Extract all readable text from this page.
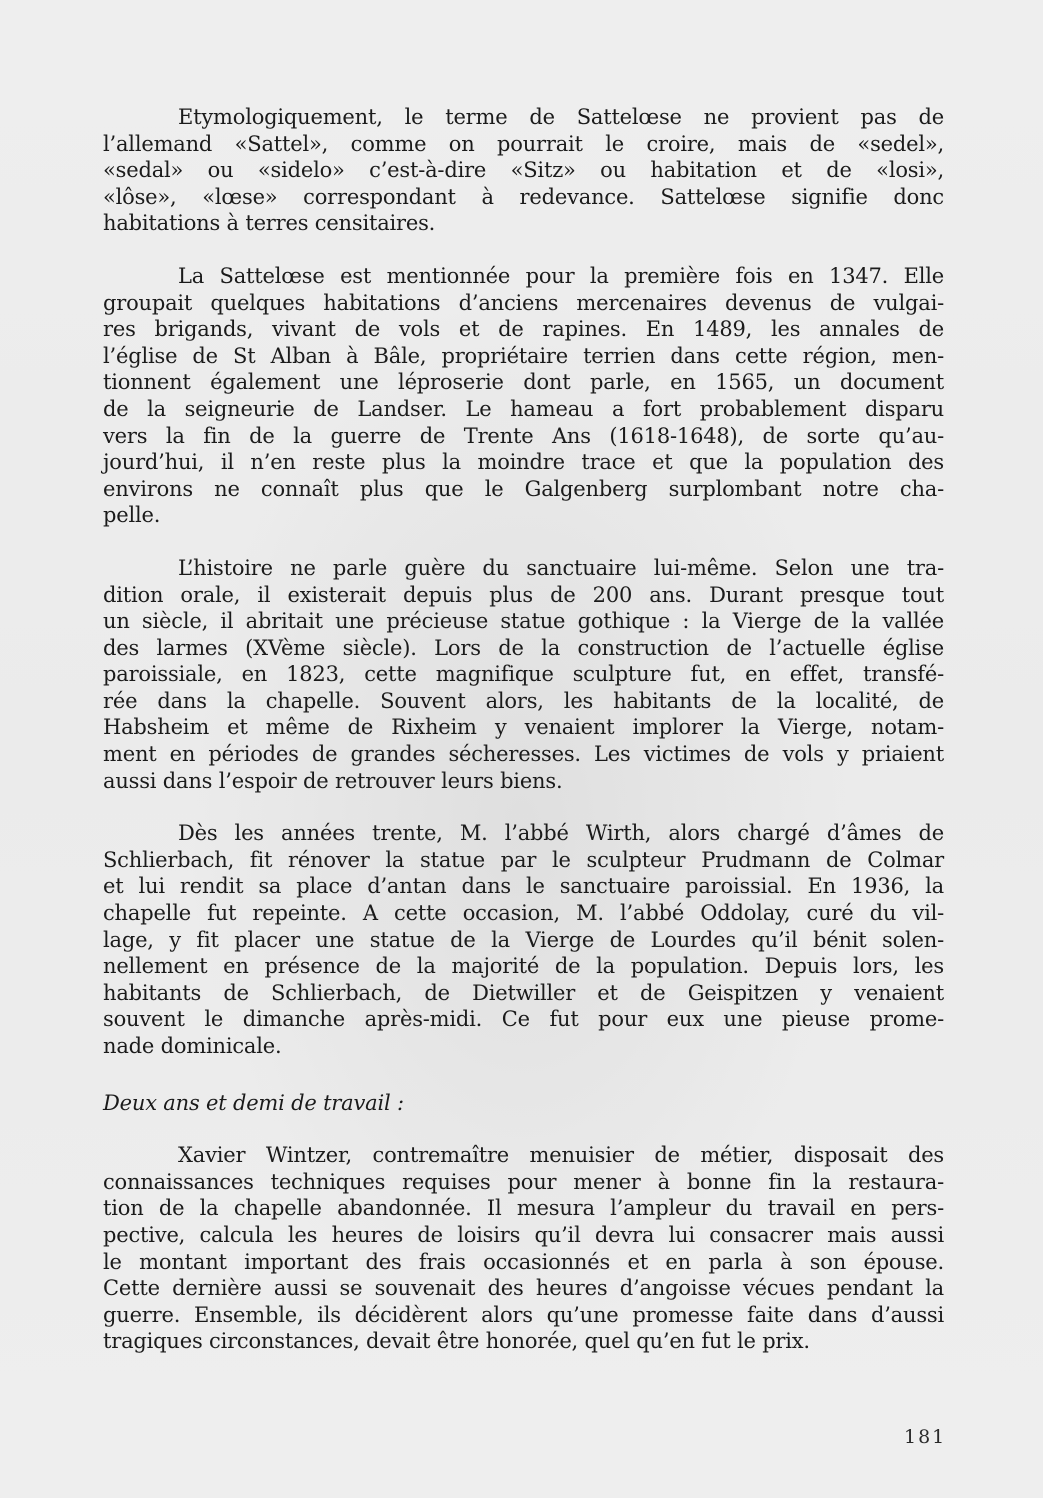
Etymologiquement, le terme de Sattelœse ne provient pas de
l’allemand «Sattel», comme on pourrait le croire, mais de «sedel»,
«sedal» ou «sidelo» c’est-à-dire «Sitz» ou habitation et de «losi»,
«lôse», «lœse» correspondant à redevance. Sattelœse signifie donc
habitations à terres censitaires.

La Sattelœse est mentionnée pour la première fois en 1347. Elle
groupait quelques habitations d’anciens mercenaires devenus de vulgai-
res brigands, vivant de vols et de rapines. En 1489, les annales de
l’église de St Alban à Bâle, propriétaire terrien dans cette région, men-
tionnent également une léproserie dont parle, en 1565, un document
de la seigneurie de Landser. Le hameau a fort probablement disparu
vers la fin de la guerre de Trente Ans (1618-1648), de sorte qu’au-
jourd’hui, il n’en reste plus la moindre trace et que la population des
environs ne connaît plus que le Galgenberg surplombant notre cha-
pelle.

L’histoire ne parle guère du sanctuaire lui-même. Selon une tra-
dition orale, il existerait depuis plus de 200 ans. Durant presque tout
un siècle, il abritait une précieuse statue gothique : la Vierge de la vallée
des larmes (XVème siècle). Lors de la construction de l’actuelle église
paroissiale, en 1823, cette magnifique sculpture fut, en effet, transfé-
rée dans la chapelle. Souvent alors, les habitants de la localité, de
Habsheim et même de Rixheim y venaient implorer la Vierge, notam-
ment en périodes de grandes sécheresses. Les victimes de vols y priaient
aussi dans l’espoir de retrouver leurs biens.

Dès les années trente, M. l’abbé Wirth, alors chargé d’âmes de
Schlierbach, fit rénover la statue par le sculpteur Prudmann de Colmar
et lui rendit sa place d’antan dans le sanctuaire paroissial. En 1936, la
chapelle fut repeinte. A cette occasion, M. l’abbé Oddolay, curé du vil-
lage, y fit placer une statue de la Vierge de Lourdes qu’il bénit solen-
nellement en présence de la majorité de la population. Depuis lors, les
habitants de Schlierbach, de Dietwiller et de Geispitzen y venaient
souvent le dimanche après-midi. Ce fut pour eux une pieuse prome-
nade dominicale.

Deux ans et demi de travail :

Xavier Wintzer, contremaître menuisier de métier, disposait des
connaissances techniques requises pour mener à bonne fin la restaura-
tion de la chapelle abandonnée. Il mesura l’ampleur du travail en pers-
pective, calcula les heures de loisirs qu’il devra lui consacrer mais aussi
le montant important des frais occasionnés et en parla à son épouse.
Cette dernière aussi se souvenait des heures d’angoisse vécues pendant la
guerre. Ensemble, ils décidèrent alors qu’une promesse faite dans d’aussi
tragiques circonstances, devait être honorée, quel qu’en fut le prix.

181
